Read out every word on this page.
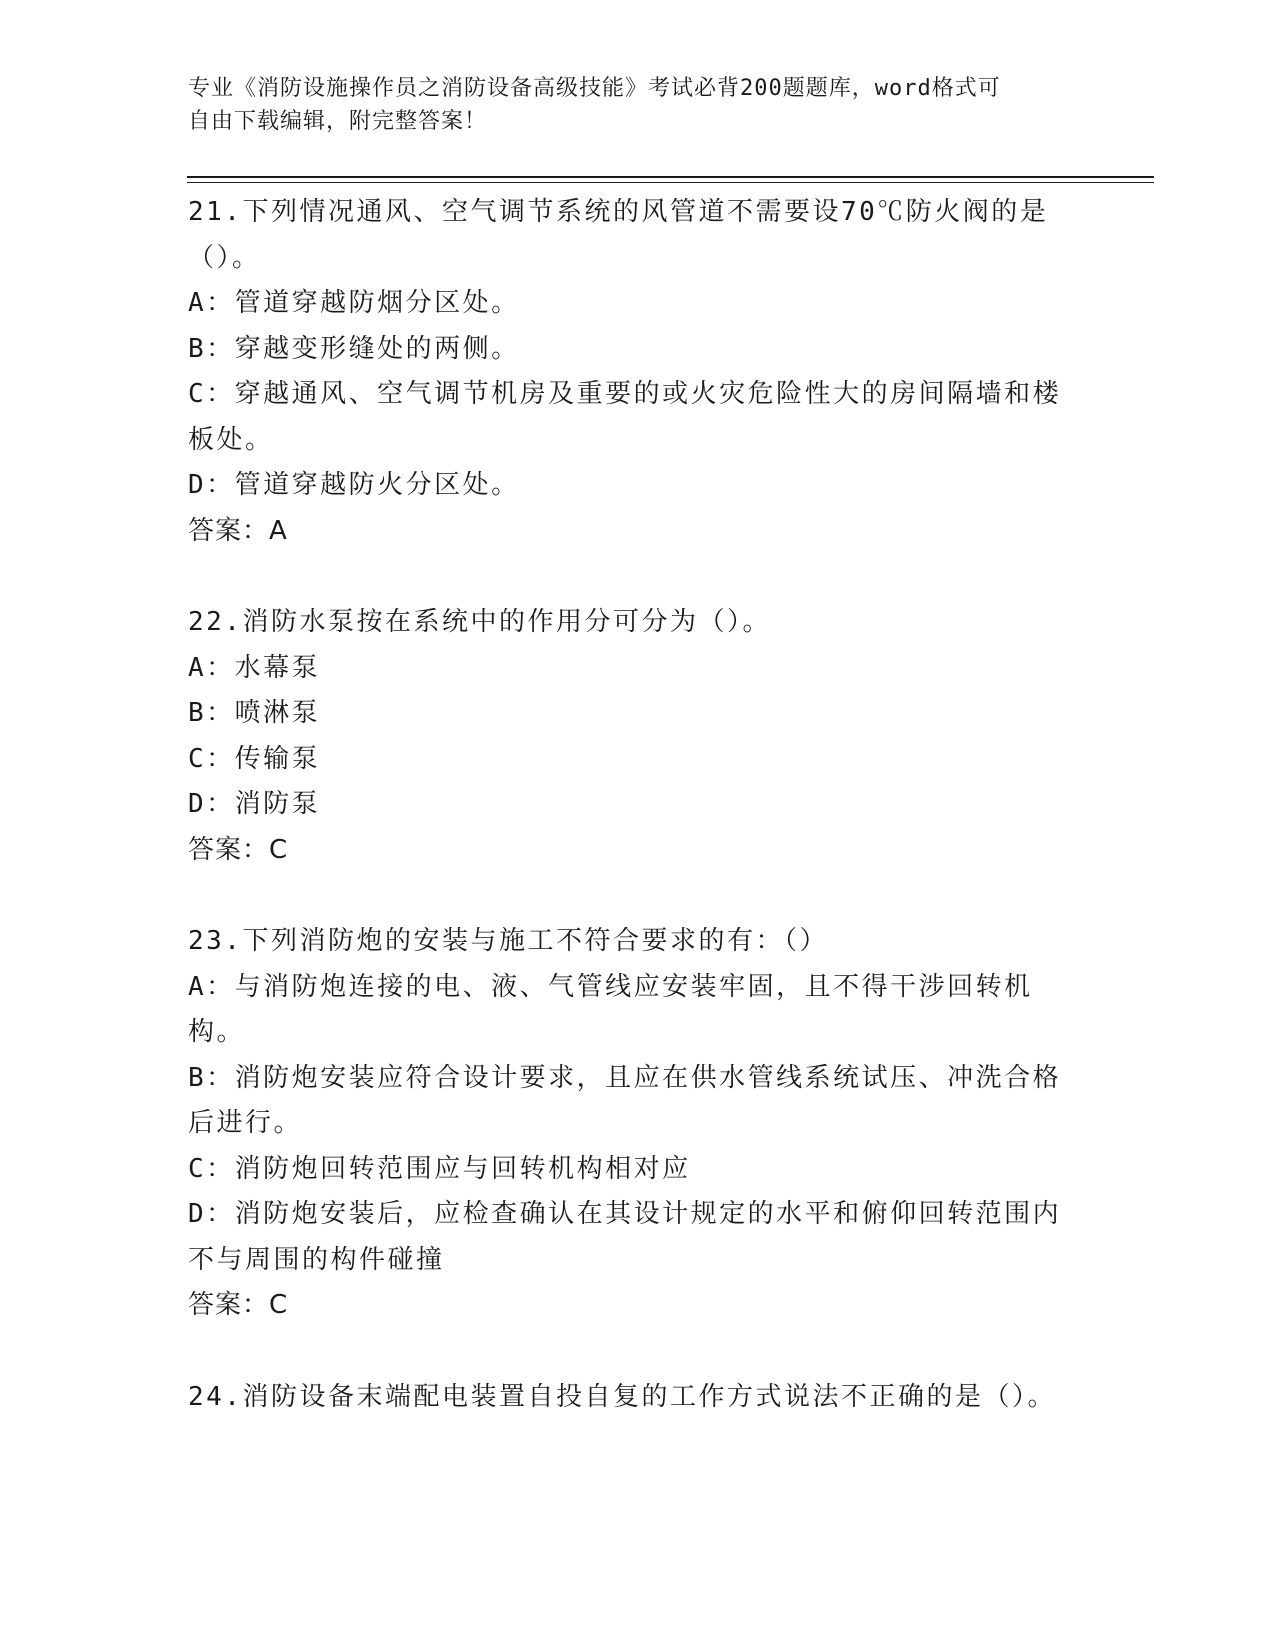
专业《消防设施操作员之消防设备高级技能》考试必背200题题库，word格式可
自由下载编辑，附完整答案！

21.下列情况通风、空气调节系统的风管道不需要设70℃防火阀的是（）。

A：管道穿越防烟分区处。

B：穿越变形缝处的两侧。

C：穿越通风、空气调节机房及重要的或火灾危险性大的房间隔墙和楼板处。

D：管道穿越防火分区处。

答案：A

22.消防水泵按在系统中的作用分可分为（）。

A：水幕泵

B：喷淋泵

C：传输泵

D：消防泵

答案：C

23.下列消防炮的安装与施工不符合要求的有：（）

A：与消防炮连接的电、液、气管线应安装牢固，且不得干涉回转机构。

B：消防炮安装应符合设计要求，且应在供水管线系统试压、冲洗合格后进行。

C：消防炮回转范围应与回转机构相对应

D：消防炮安装后，应检查确认在其设计规定的水平和俯仰回转范围内不与周围的构件碰撞

答案：C

24.消防设备末端配电装置自投自复的工作方式说法不正确的是（）。
